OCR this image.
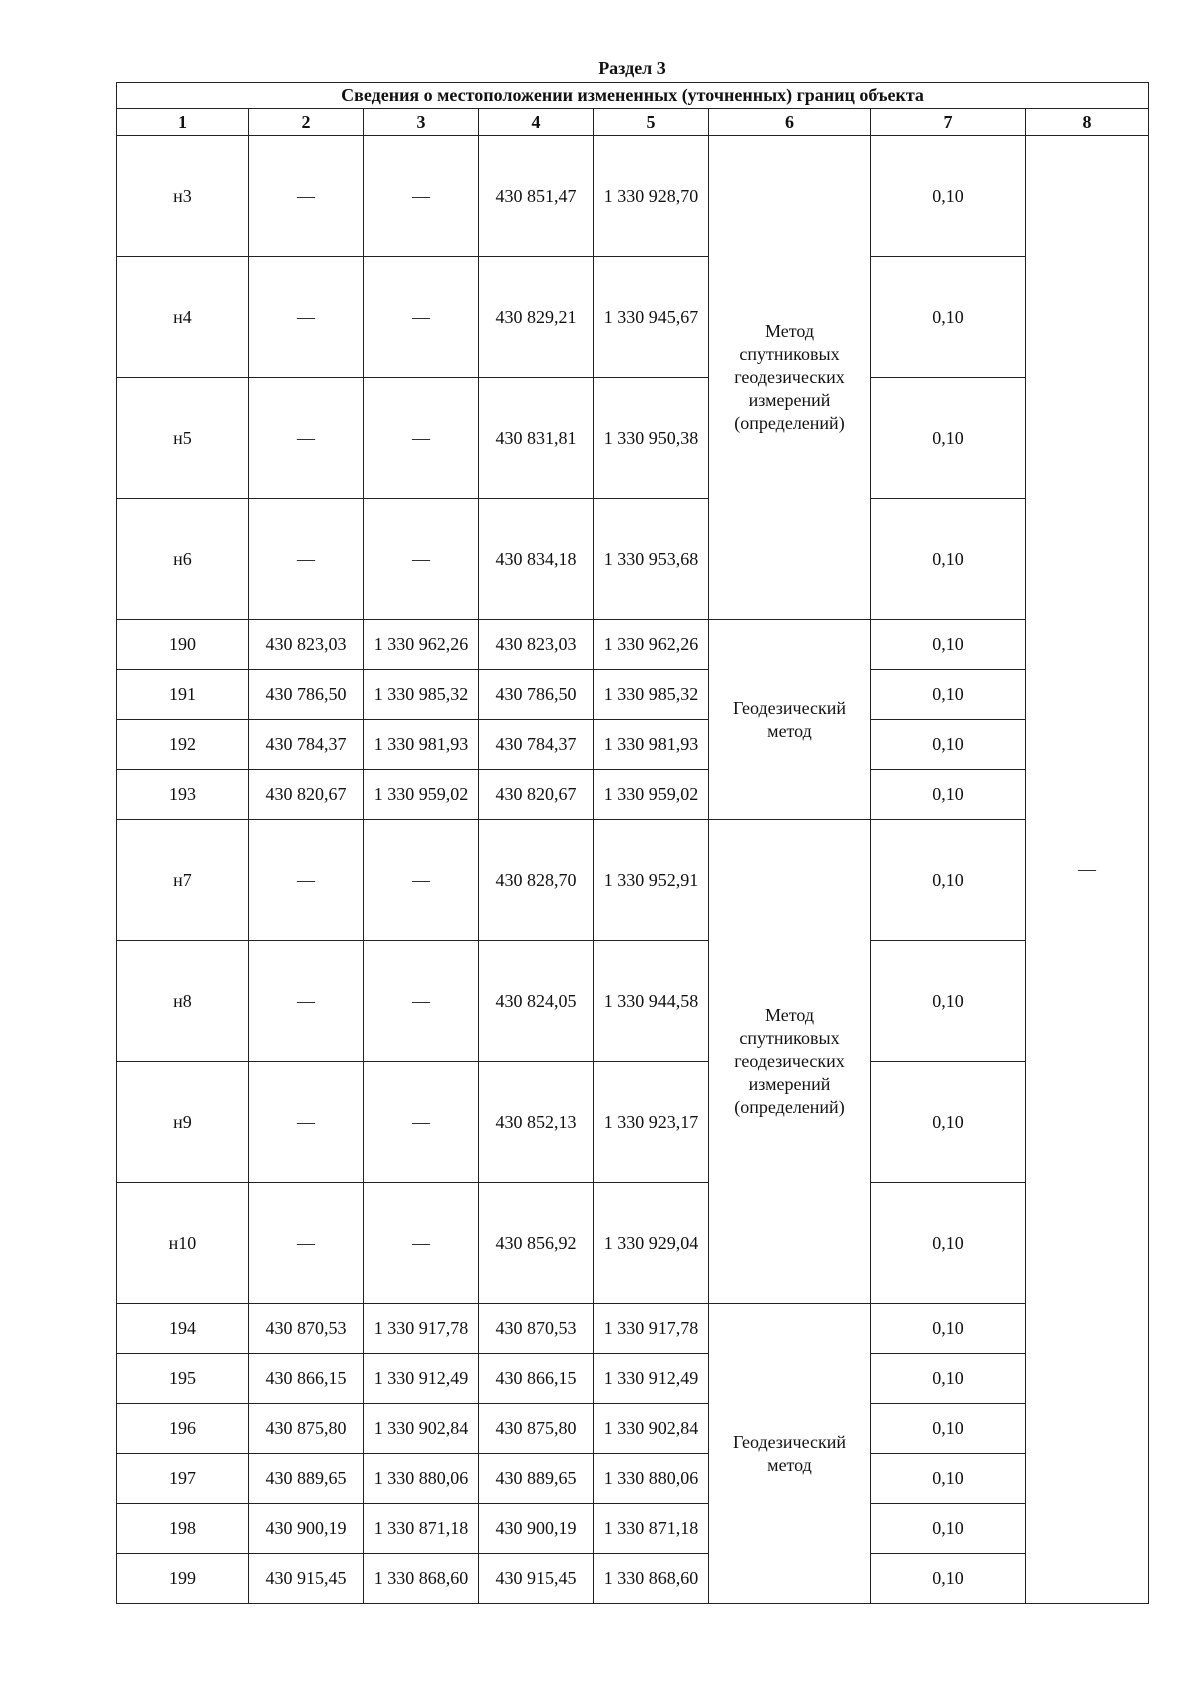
Раздел 3
Сведения о местоположении измененных (уточненных) границ объекта							
1	2	3	4	5	6	7	8
н3	—	—	430 851,47	1 330 928,70	Метод
спутниковых
геодезических
измерений
(определений)	0,10	—
н4	—	—	430 829,21	1 330 945,67		0,10	
н5	—	—	430 831,81	1 330 950,38		0,10	
н6	—	—	430 834,18	1 330 953,68		0,10	
190	430 823,03	1 330 962,26	430 823,03	1 330 962,26	Геодезический
метод	0,10	
191	430 786,50	1 330 985,32	430 786,50	1 330 985,32		0,10	
192	430 784,37	1 330 981,93	430 784,37	1 330 981,93		0,10	
193	430 820,67	1 330 959,02	430 820,67	1 330 959,02		0,10	
н7	—	—	430 828,70	1 330 952,91	Метод
спутниковых
геодезических
измерений
(определений)	0,10	
н8	—	—	430 824,05	1 330 944,58		0,10	
н9	—	—	430 852,13	1 330 923,17		0,10	
н10	—	—	430 856,92	1 330 929,04		0,10	
194	430 870,53	1 330 917,78	430 870,53	1 330 917,78	Геодезический
метод	0,10	
195	430 866,15	1 330 912,49	430 866,15	1 330 912,49		0,10	
196	430 875,80	1 330 902,84	430 875,80	1 330 902,84		0,10	
197	430 889,65	1 330 880,06	430 889,65	1 330 880,06		0,10	
198	430 900,19	1 330 871,18	430 900,19	1 330 871,18		0,10	
199	430 915,45	1 330 868,60	430 915,45	1 330 868,60		0,10	
